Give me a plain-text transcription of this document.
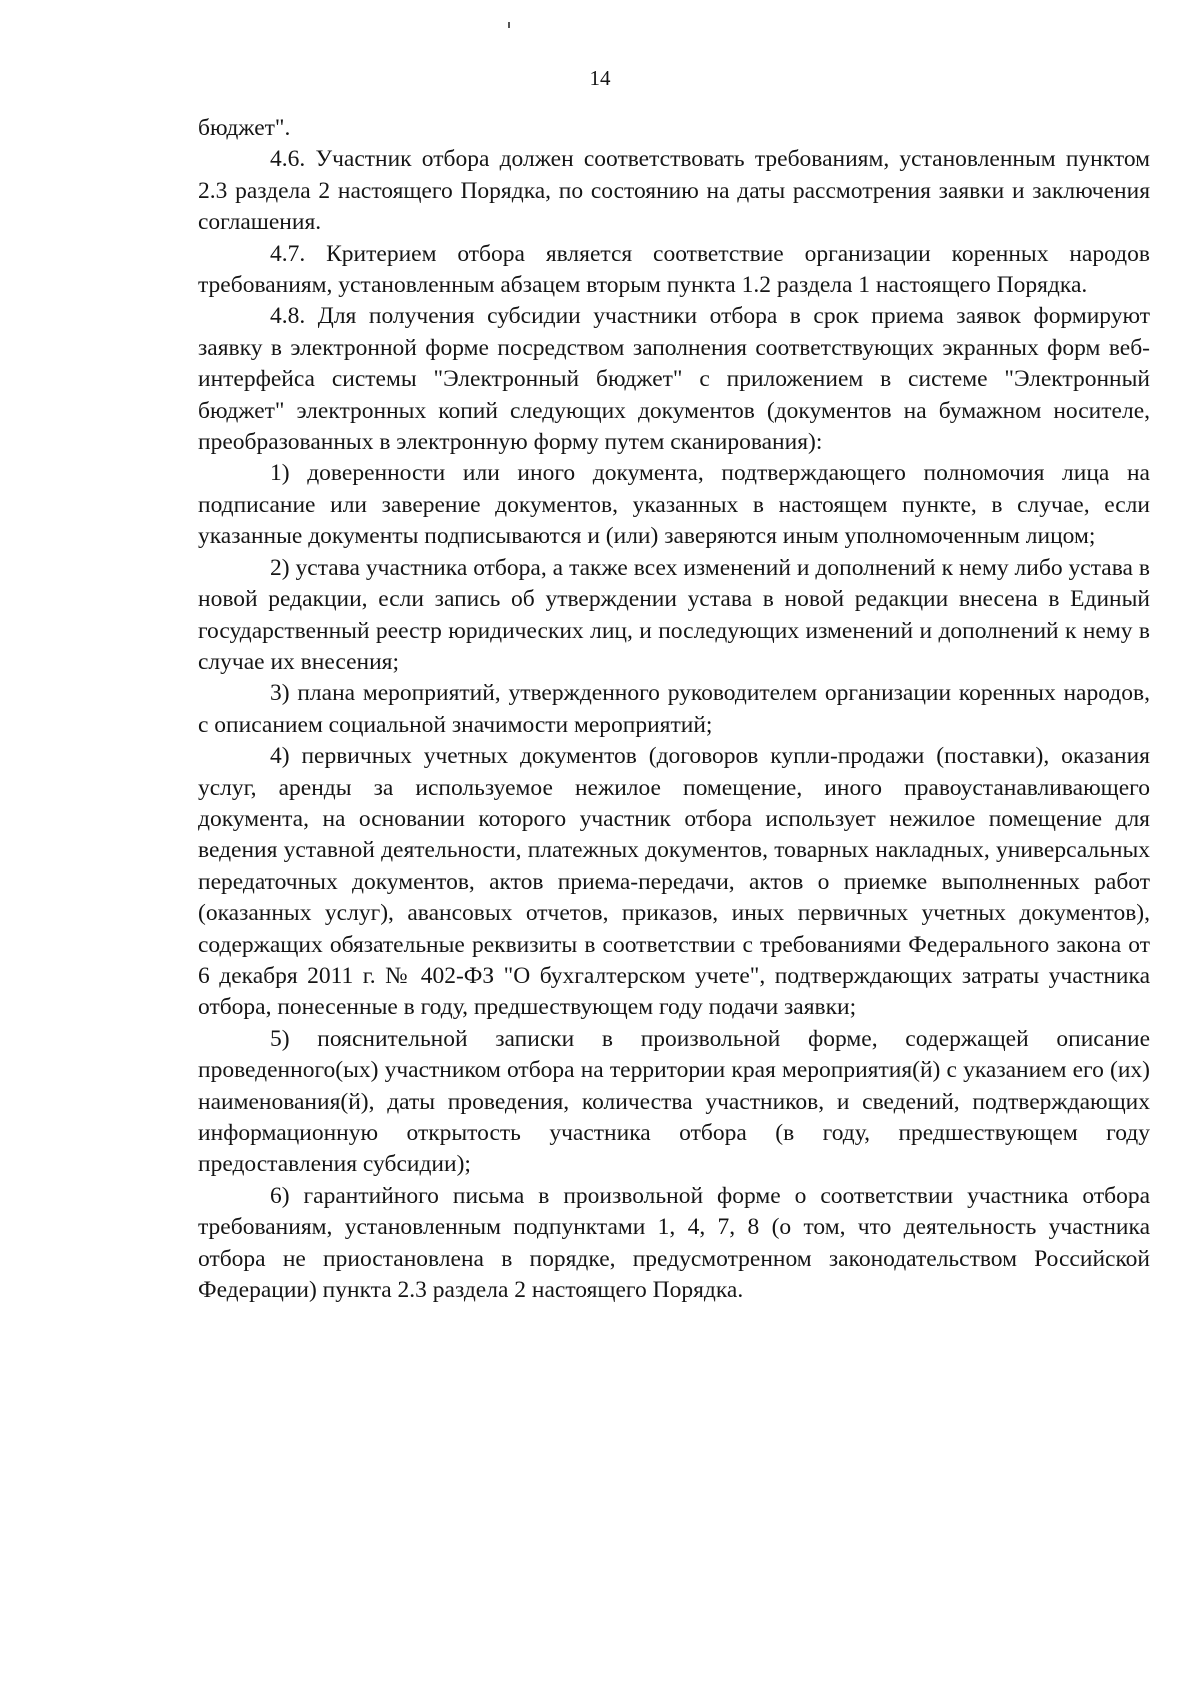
14

бюджет".

4.6. Участник отбора должен соответствовать требованиям, установленным пунктом 2.3 раздела 2 настоящего Порядка, по состоянию на даты рассмотрения заявки и заключения соглашения.

4.7. Критерием отбора является соответствие организации коренных народов требованиям, установленным абзацем вторым пункта 1.2 раздела 1 настоящего Порядка.

4.8. Для получения субсидии участники отбора в срок приема заявок формируют заявку в электронной форме посредством заполнения соответствующих экранных форм веб-интерфейса системы "Электронный бюджет" с приложением в системе "Электронный бюджет" электронных копий следующих документов (документов на бумажном носителе, преобразованных в электронную форму путем сканирования):

1) доверенности или иного документа, подтверждающего полномочия лица на подписание или заверение документов, указанных в настоящем пункте, в случае, если указанные документы подписываются и (или) заверяются иным уполномоченным лицом;

2) устава участника отбора, а также всех изменений и дополнений к нему либо устава в новой редакции, если запись об утверждении устава в новой редакции внесена в Единый государственный реестр юридических лиц, и последующих изменений и дополнений к нему в случае их внесения;

3) плана мероприятий, утвержденного руководителем организации коренных народов, с описанием социальной значимости мероприятий;

4) первичных учетных документов (договоров купли-продажи (поставки), оказания услуг, аренды за используемое нежилое помещение, иного правоустанавливающего документа, на основании которого участник отбора использует нежилое помещение для ведения уставной деятельности, платежных документов, товарных накладных, универсальных передаточных документов, актов приема-передачи, актов о приемке выполненных работ (оказанных услуг), авансовых отчетов, приказов, иных первичных учетных документов), содержащих обязательные реквизиты в соответствии с требованиями Федерального закона от 6 декабря 2011 г. № 402-ФЗ "О бухгалтерском учете", подтверждающих затраты участника отбора, понесенные в году, предшествующем году подачи заявки;

5) пояснительной записки в произвольной форме, содержащей описание проведенного(ых) участником отбора на территории края мероприятия(й) с указанием его (их) наименования(й), даты проведения, количества участников, и сведений, подтверждающих информационную открытость участника отбора (в году, предшествующем году предоставления субсидии);

6) гарантийного письма в произвольной форме о соответствии участника отбора требованиям, установленным подпунктами 1, 4, 7, 8 (о том, что деятельность участника отбора не приостановлена в порядке, предусмотренном законодательством Российской Федерации) пункта 2.3 раздела 2 настоящего Порядка.
